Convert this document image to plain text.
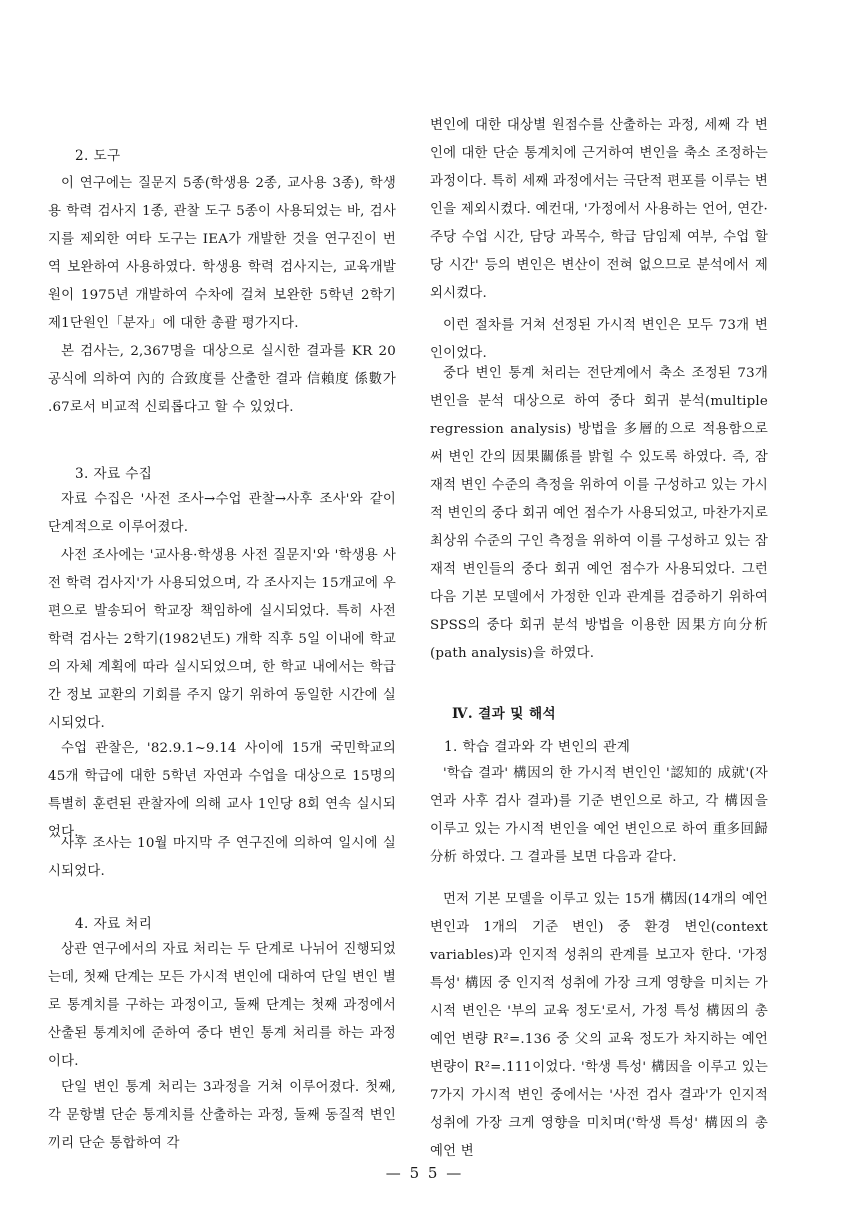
2. 도구

이 연구에는 질문지 5종(학생용 2종, 교사용 3종), 학생용 학력 검사지 1종, 관찰 도구 5종이 사용되었는 바, 검사지를 제외한 여타 도구는 IEA가 개발한 것을 연구진이 번역 보완하여 사용하였다. 학생용 학력 검사지는, 교육개발원이 1975년 개발하여 수차에 걸쳐 보완한 5학년 2학기 제1단원인「분자」에 대한 총괄 평가지다.

본 검사는, 2,367명을 대상으로 실시한 결과를 KR 20 공식에 의하여 內的 合致度를 산출한 결과 信賴度 係數가 .67로서 비교적 신뢰롭다고 할 수 있었다.

3. 자료 수집

자료 수집은 '사전 조사→수업 관찰→사후 조사'와 같이 단계적으로 이루어졌다.

사전 조사에는 '교사용·학생용 사전 질문지'와 '학생용 사전 학력 검사지'가 사용되었으며, 각 조사지는 15개교에 우편으로 발송되어 학교장 책임하에 실시되었다. 특히 사전 학력 검사는 2학기(1982년도) 개학 직후 5일 이내에 학교의 자체 계획에 따라 실시되었으며, 한 학교 내에서는 학급간 정보 교환의 기회를 주지 않기 위하여 동일한 시간에 실시되었다.

수업 관찰은, '82.9.1~9.14 사이에 15개 국민학교의 45개 학급에 대한 5학년 자연과 수업을 대상으로 15명의 특별히 훈련된 관찰자에 의해 교사 1인당 8회 연속 실시되었다.

사후 조사는 10월 마지막 주 연구진에 의하여 일시에 실시되었다.

4. 자료 처리

상관 연구에서의 자료 처리는 두 단계로 나뉘어 진행되었는데, 첫째 단계는 모든 가시적 변인에 대하여 단일 변인 별로 통계치를 구하는 과정이고, 둘째 단계는 첫째 과정에서 산출된 통계치에 준하여 중다 변인 통계 처리를 하는 과정이다.

단일 변인 통계 처리는 3과정을 거쳐 이루어졌다. 첫째, 각 문항별 단순 통계치를 산출하는 과정, 둘째 동질적 변인끼리 단순 통합하여 각

변인에 대한 대상별 원점수를 산출하는 과정, 세째 각 변인에 대한 단순 통계치에 근거하여 변인을 축소 조정하는 과정이다. 특히 세째 과정에서는 극단적 편포를 이루는 변인을 제외시켰다. 예컨대, '가정에서 사용하는 언어, 연간·주당 수업 시간, 담당 과목수, 학급 담임제 여부, 수업 할당 시간' 등의 변인은 변산이 전혀 없으므로 분석에서 제외시켰다.

이런 절차를 거쳐 선정된 가시적 변인은 모두 73개 변인이었다.

중다 변인 통계 처리는 전단계에서 축소 조정된 73개 변인을 분석 대상으로 하여 중다 회귀 분석(multiple regression analysis) 방법을 多層的으로 적용함으로써 변인 간의 因果關係를 밝힐 수 있도록 하였다. 즉, 잠재적 변인 수준의 측정을 위하여 이를 구성하고 있는 가시적 변인의 중다 회귀 예언 점수가 사용되었고, 마찬가지로 최상위 수준의 구인 측정을 위하여 이를 구성하고 있는 잠재적 변인들의 중다 회귀 예언 점수가 사용되었다. 그런 다음 기본 모델에서 가정한 인과 관계를 검증하기 위하여 SPSS의 중다 회귀 분석 방법을 이용한 因果方向分析(path analysis)을 하였다.

Ⅳ. 결과 및 해석
1. 학습 결과와 각 변인의 관계

'학습 결과' 構因의 한 가시적 변인인 '認知的 成就'(자연과 사후 검사 결과)를 기준 변인으로 하고, 각 構因을 이루고 있는 가시적 변인을 예언 변인으로 하여 重多回歸分析 하였다. 그 결과를 보면 다음과 같다.

먼저 기본 모델을 이루고 있는 15개 構因(14개의 예언 변인과 1개의 기준 변인) 중 환경 변인(context variables)과 인지적 성취의 관계를 보고자 한다. '가정 특성' 構因 중 인지적 성취에 가장 크게 영향을 미치는 가시적 변인은 '부의 교육 정도'로서, 가정 특성 構因의 총 예언 변량 R²=.136 중 父의 교육 정도가 차지하는 예언 변량이 R²=.111이었다. '학생 특성' 構因을 이루고 있는 7가지 가시적 변인 중에서는 '사전 검사 결과'가 인지적 성취에 가장 크게 영향을 미치며('학생 특성' 構因의 총 예언 변

— 5 5 —
